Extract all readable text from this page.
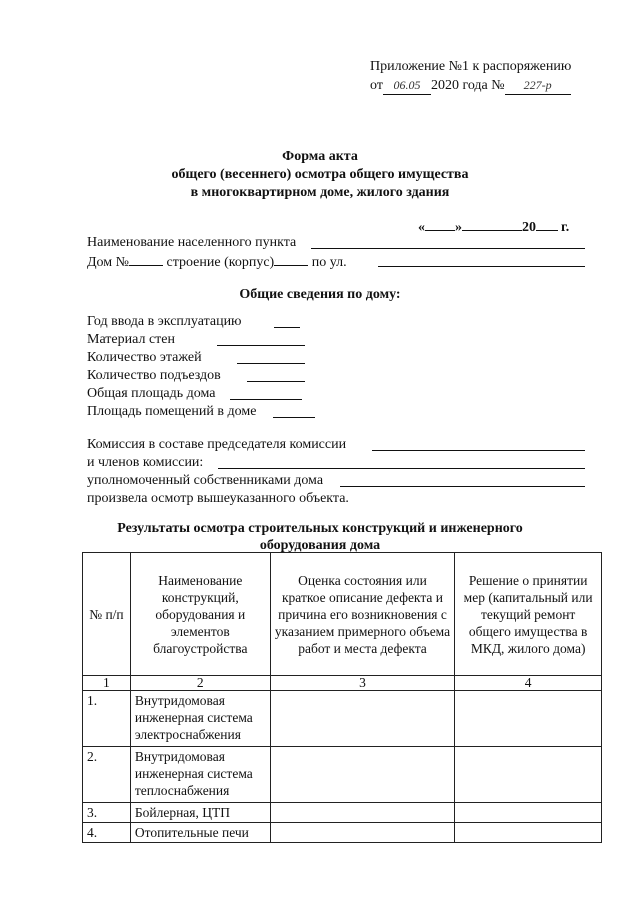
Приложение №1 к распоряжению
от 06.05 2020 года № 227-р
Форма акта
общего (весеннего) осмотра общего имущества
в многоквартирном доме, жилого здания
« »	20 г.
Наименование населенного пункта
Дом №	строение (корпус)	по ул.
Общие сведения по дому:
Год ввода в эксплуатацию
Материал стен
Количество этажей
Количество подъездов
Общая площадь дома
Площадь помещений в доме
Комиссия в составе председателя комиссии
и членов комиссии:
уполномоченный собственниками дома
произвела осмотр вышеуказанного объекта.
Результаты осмотра строительных конструкций и инженерного
оборудования дома
№ п/п	Наименование конструкций, оборудования и элементов благоустройства	Оценка состояния или краткое описание дефекта и причина его возникновения с указанием примерного объема работ и места дефекта	Решение о принятии мер (капитальный или текущий ремонт общего имущества в МКД, жилого дома)
1	2	3	4
1.	Внутридомовая инженерная система электроснабжения		
2.	Внутридомовая инженерная система теплоснабжения		
3.	Бойлерная, ЦТП		
4.	Отопительные печи		
